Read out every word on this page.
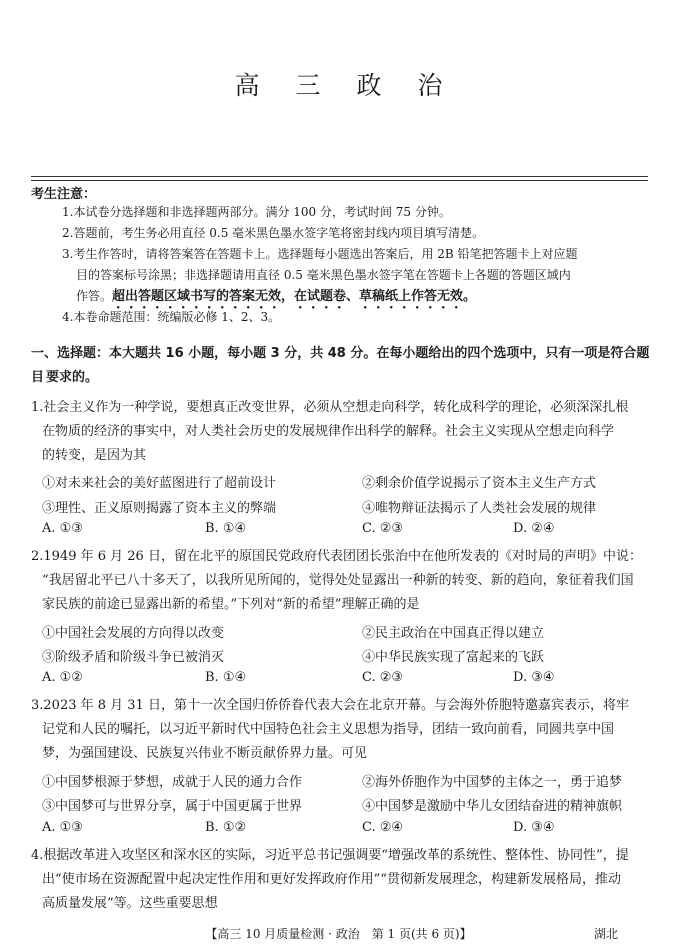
高 三 政 治
考生注意：
1.本试卷分选择题和非选择题两部分。满分 100 分，考试时间 75 分钟。
2.答题前，考生务必用直径 0.5 毫米黑色墨水签字笔将密封线内项目填写清楚。
3.考生作答时，请将答案答在答题卡上。选择题每小题选出答案后，用 2B 铅笔把答题卡上对应题
目的答案标号涂黑；非选择题请用直径 0.5 毫米黑色墨水签字笔在答题卡上各题的答题区域内
作答。超出答题区域书写的答案无效，在试题卷、草稿纸上作答无效。
4.本卷命题范围：统编版必修 1、2、3。
一、选择题：本大题共 16 小题，每小题 3 分，共 48 分。在每小题给出的四个选项中，只有一项是符合题目 要求的。
1.社会主义作为一种学说，要想真正改变世界，必须从空想走向科学，转化成科学的理论，必须深深扎根
在物质的经济的事实中，对人类社会历史的发展规律作出科学的解释。社会主义实现从空想走向科学
的转变，是因为其
①对未来社会的美好蓝图进行了超前设计	②剩余价值学说揭示了资本主义生产方式
③理性、正义原则揭露了资本主义的弊端	④唯物辩证法揭示了人类社会发展的规律
A. ①③	B. ①④	C. ②③	D. ②④
2.1949 年 6 月 26 日，留在北平的原国民党政府代表团团长张治中在他所发表的《对时局的声明》中说：
“我居留北平已八十多天了，以我所见所闻的，觉得处处显露出一种新的转变、新的趋向，象征着我们国
家民族的前途已显露出新的希望。”下列对“新的希望”理解正确的是
①中国社会发展的方向得以改变	②民主政治在中国真正得以建立
③阶级矛盾和阶级斗争已被消灭	④中华民族实现了富起来的飞跃
A. ①②	B. ①④	C. ②③	D. ③④
3.2023 年 8 月 31 日，第十一次全国归侨侨眷代表大会在北京开幕。与会海外侨胞特邀嘉宾表示，将牢
记党和人民的嘱托，以习近平新时代中国特色社会主义思想为指导，团结一致向前看，同圆共享中国
梦，为强国建设、民族复兴伟业不断贡献侨界力量。可见
①中国梦根源于梦想，成就于人民的通力合作	②海外侨胞作为中国梦的主体之一，勇于追梦
③中国梦可与世界分享，属于中国更属于世界	④中国梦是激励中华儿女团结奋进的精神旗帜
A. ①③	B. ①②	C. ②④	D. ③④
4.根据改革进入攻坚区和深水区的实际，习近平总书记强调要“增强改革的系统性、整体性、协同性”，提
出“使市场在资源配置中起决定性作用和更好发挥政府作用”“贯彻新发展理念，构建新发展格局，推动
高质量发展”等。这些重要思想
【高三 10 月质量检测 · 政治　第 1 页(共 6 页)】	湖北
